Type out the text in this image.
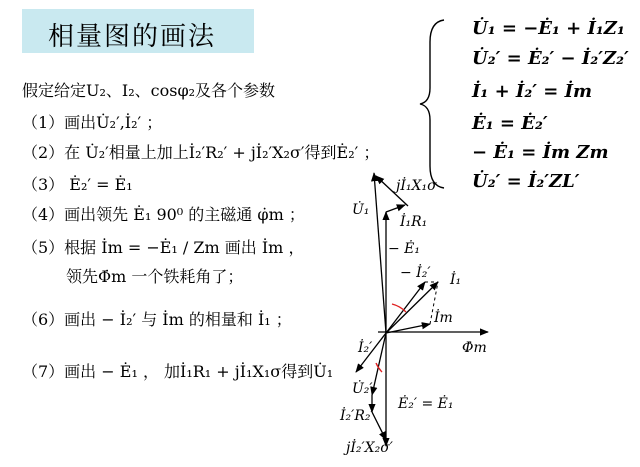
相量图的画法
假定给定U₂、I₂、cosφ₂及各个参数
（1）画出U̇₂′,İ₂′ ；
（2）在 U̇₂′相量上加上İ₂′R₂′ + jİ₂′X₂σ′得到Ė₂′ ；
（3） Ė₂′ = Ė₁
（4）画出领先 Ė₁ 90⁰ 的主磁通 φ̇m ；
（5）根据 İm = −Ė₁ / Zm 画出 İm ，
领先Φ̇m 一个铁耗角了；
（6）画出 − İ₂′ 与 İm 的相量和 İ₁ ；
（7）画出 − Ė₁ ， 加İ₁R₁ + jİ₁X₁σ得到U̇₁
U̇₁ = −Ė₁ + İ₁Z₁
U̇₂′ = Ė₂′ − İ₂′Z₂′
İ₁ + İ₂′ = İm
Ė₁ = Ė₂′
− Ė₁ = İm Zm
U̇₂′ = İ₂′ZL′
jİ₁X₁σ
U̇₁
İ₁R₁
− Ė₁
− İ₂′ İ₁
İm
Φ̇m
İ₂′
U̇₂′
İ₂′R₂′
jİ₂′X₂σ′
Ė₂′ = Ė₁
